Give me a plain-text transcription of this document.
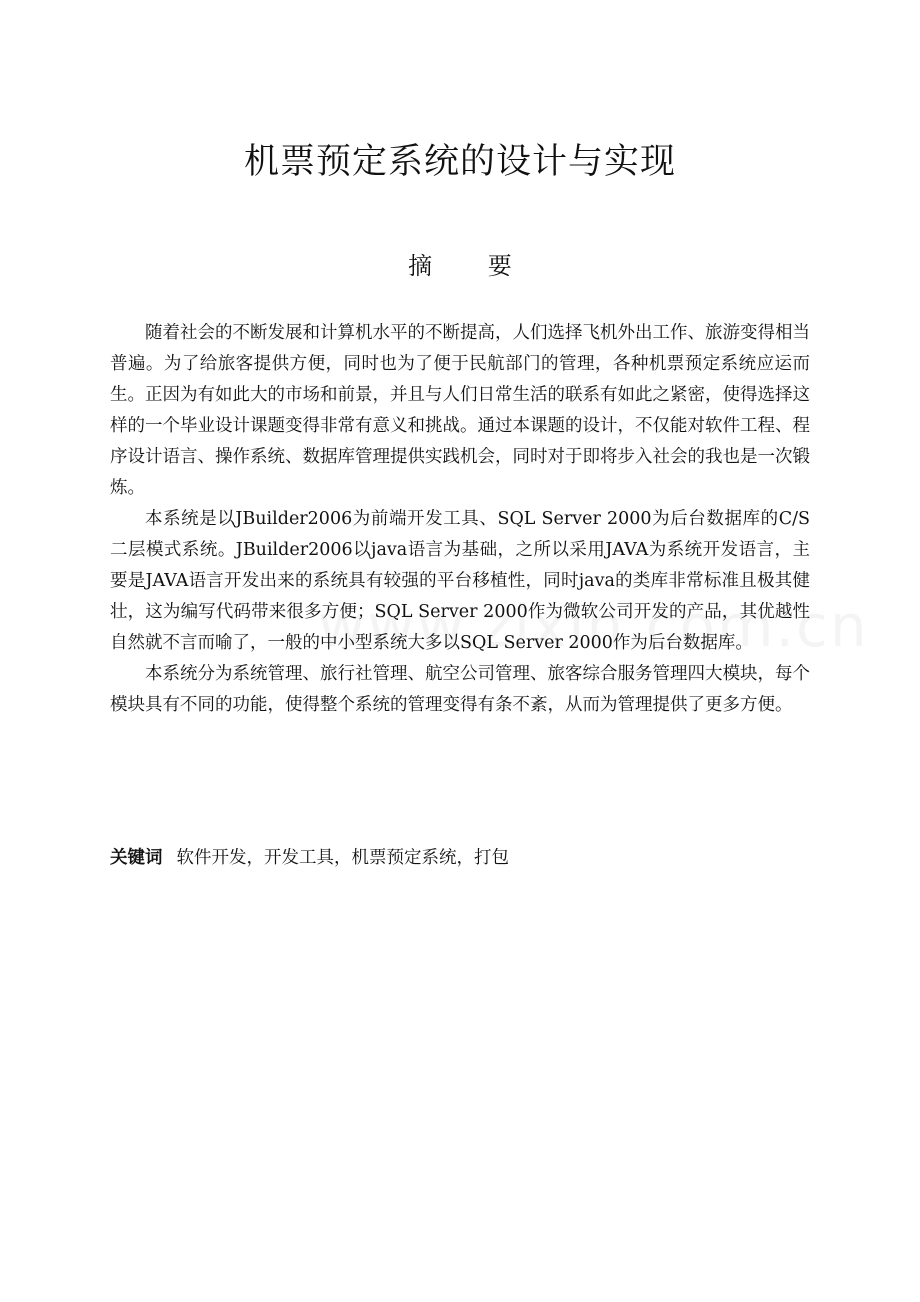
机票预定系统的设计与实现
摘 要

随着社会的不断发展和计算机水平的不断提高，人们选择飞机外出工作、旅游变得相当普遍。为了给旅客提供方便，同时也为了便于民航部门的管理，各种机票预定系统应运而生。正因为有如此大的市场和前景，并且与人们日常生活的联系有如此之紧密，使得选择这样的一个毕业设计课题变得非常有意义和挑战。通过本课题的设计，不仅能对软件工程、程序设计语言、操作系统、数据库管理提供实践机会，同时对于即将步入社会的我也是一次锻炼。

本系统是以JBuilder2006为前端开发工具、SQL Server 2000为后台数据库的C/S二层模式系统。JBuilder2006以java语言为基础，之所以采用JAVA为系统开发语言，主要是JAVA语言开发出来的系统具有较强的平台移植性，同时java的类库非常标准且极其健壮，这为编写代码带来很多方便；SQL Server 2000作为微软公司开发的产品，其优越性自然就不言而喻了，一般的中小型系统大多以SQL Server 2000作为后台数据库。

本系统分为系统管理、旅行社管理、航空公司管理、旅客综合服务管理四大模块，每个模块具有不同的功能，使得整个系统的管理变得有条不紊，从而为管理提供了更多方便。

关键词 软件开发，开发工具，机票预定系统，打包
